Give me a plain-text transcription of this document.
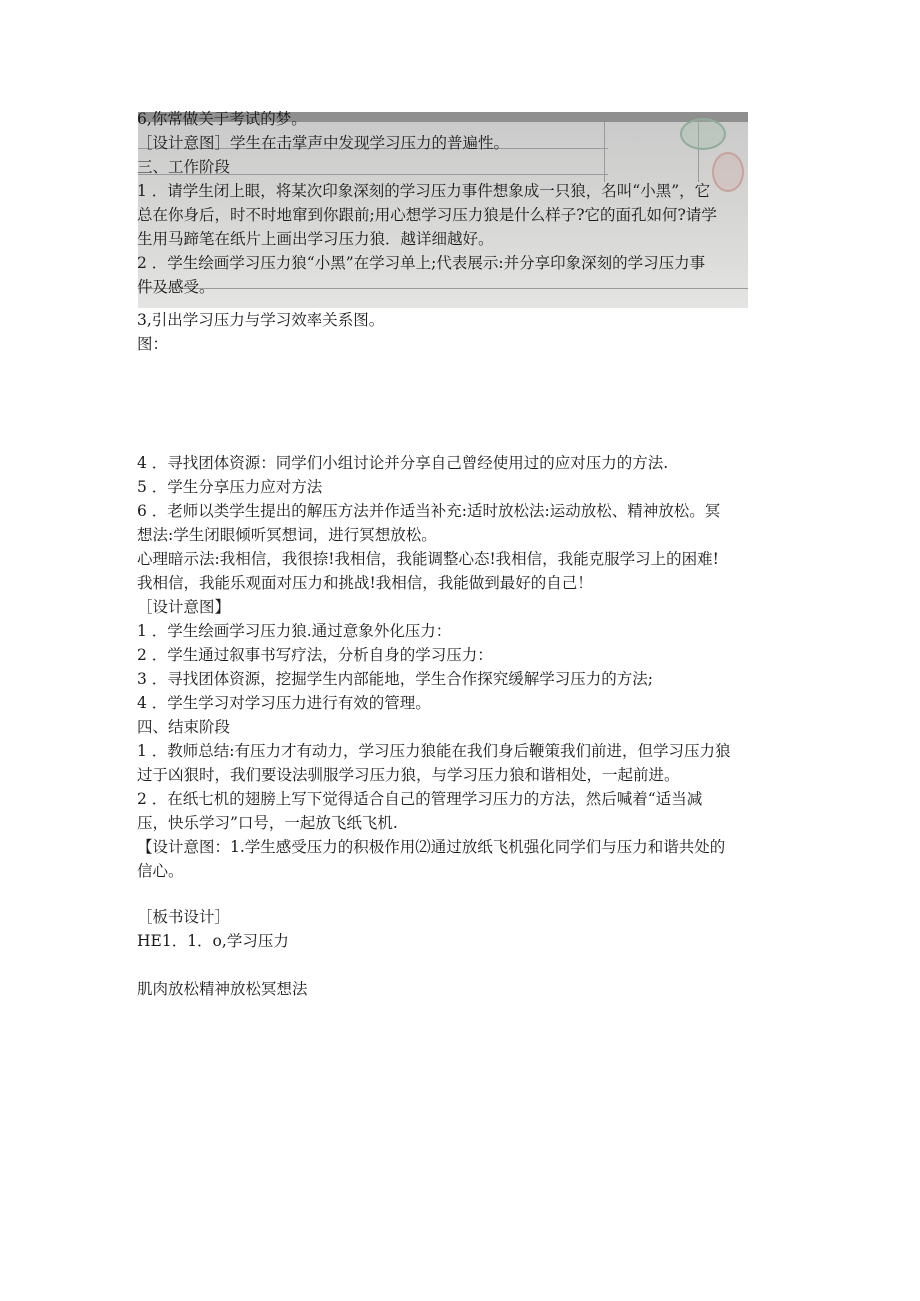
6,你常做关于考试的梦。
［设计意图］学生在击掌声中发现学习压力的普遍性。
三、工作阶段
1 ．请学生闭上眼，将某次印象深刻的学习压力事件想象成一只狼，名叫“小黑”，它
总在你身后，时不时地窜到你跟前;用心想学习压力狼是什么样子?它的面孔如何?请学
生用马蹄笔在纸片上画出学习压力狼．越详细越好。
2 ．学生绘画学习压力狼“小黑”在学习单上;代表展示:并分享印象深刻的学习压力事
件及感受。
3,引出学习压力与学习效率关系图。
图：
4 ．寻找团体资源：同学们小组讨论并分享自己曾经使用过的应对压力的方法.
5 ．学生分享压力应对方法
6 ．老师以类学生提出的解压方法并作适当补充:适时放松法:运动放松、精神放松。冥
想法:学生闭眼倾听冥想词，进行冥想放松。
心理暗示法:我相信，我很捺!我相信，我能调整心态!我相信，我能克服学习上的困难!
我相信，我能乐观面对压力和挑战!我相信，我能做到最好的自己！
［设计意图】
1 ．学生绘画学习压力狼.通过意象外化压力：
2 ．学生通过叙事书写疗法，分析自身的学习压力：
3 ．寻找团体资源，挖掘学生内部能地，学生合作探究缓解学习压力的方法;
4 ．学生学习对学习压力进行有效的管理。
四、结束阶段
1 ．教师总结:有压力才有动力，学习压力狼能在我们身后鞭策我们前进，但学习压力狼
过于凶狠时，我们要设法驯服学习压力狼，与学习压力狼和谐相处，一起前进。
2 ．在纸七机的翅膀上写下觉得适合自己的管理学习压力的方法，然后喊着“适当减
压，快乐学习”口号，一起放飞纸飞机.
【设计意图：1.学生感受压力的积极作用⑵通过放纸飞机强化同学们与压力和谐共处的
信心。
［板书设计］
HE1．1．o,学习压力
肌肉放松精神放松冥想法
